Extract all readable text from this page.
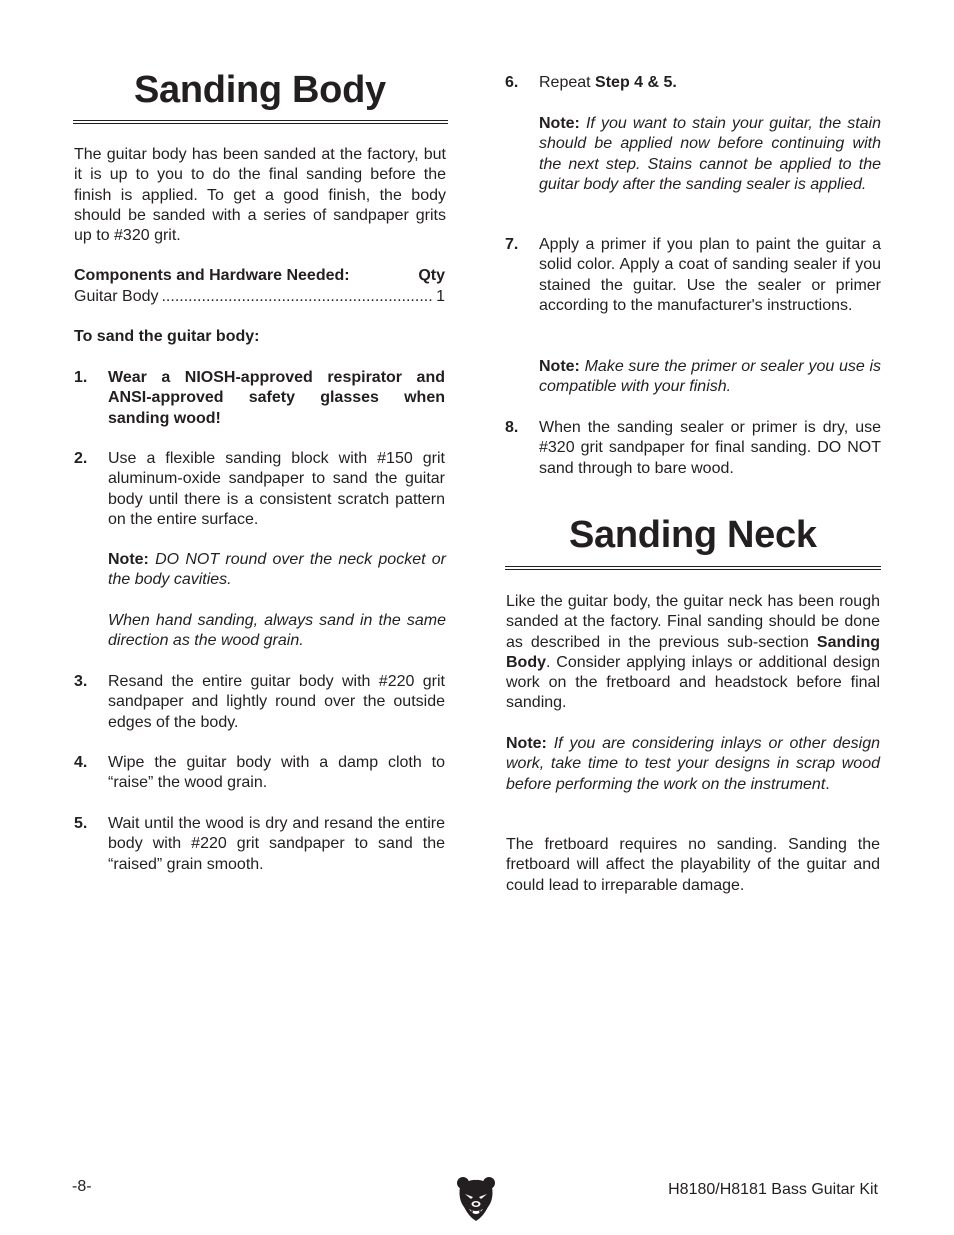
Sanding Body

The guitar body has been sanded at the factory, but it is up to you to do the final sanding before the finish is applied. To get a good finish, the body should be sanded with a series of sandpaper grits up to #320 grit.

Components and Hardware Needed:	Qty
Guitar Body
.....	1

To sand the guitar body:

1. Wear a NIOSH-approved respirator and ANSI-approved safety glasses when sanding wood!
2. Use a flexible sanding block with #150 grit aluminum-oxide sandpaper to sand the guitar body until there is a consistent scratch pattern on the entire surface.

Note: DO NOT round over the neck pocket or the body cavities.

When hand sanding, always sand in the same direction as the wood grain.

3. Resand the entire guitar body with #220 grit sandpaper and lightly round over the outside edges of the body.
4. Wipe the guitar body with a damp cloth to “raise” the wood grain.
5. Wait until the wood is dry and resand the entire body with #220 grit sandpaper to sand the “raised” grain smooth.
6. Repeat Step 4 & 5.

Note: If you want to stain your guitar, the stain should be applied now before continuing with the next step. Stains cannot be applied to the guitar body after the sanding sealer is applied.

7. Apply a primer if you plan to paint the guitar a solid color. Apply a coat of sanding sealer if you stained the guitar. Use the sealer or primer according to the manufacturer's instructions.

Note: Make sure the primer or sealer you use is compatible with your finish.

8. When the sanding sealer or primer is dry, use #320 grit sandpaper for final sanding. DO NOT sand through to bare wood.
Sanding Neck

Like the guitar body, the guitar neck has been rough sanded at the factory. Final sanding should be done as described in the previous sub-section Sanding Body. Consider applying inlays or additional design work on the fretboard and headstock before final sanding.

Note: If you are considering inlays or other design work, take time to test your designs in scrap wood before performing the work on the instrument.

The fretboard requires no sanding. Sanding the fretboard will affect the playability of the guitar and could lead to irreparable damage.

-8-	H8180/H8181 Bass Guitar Kit
